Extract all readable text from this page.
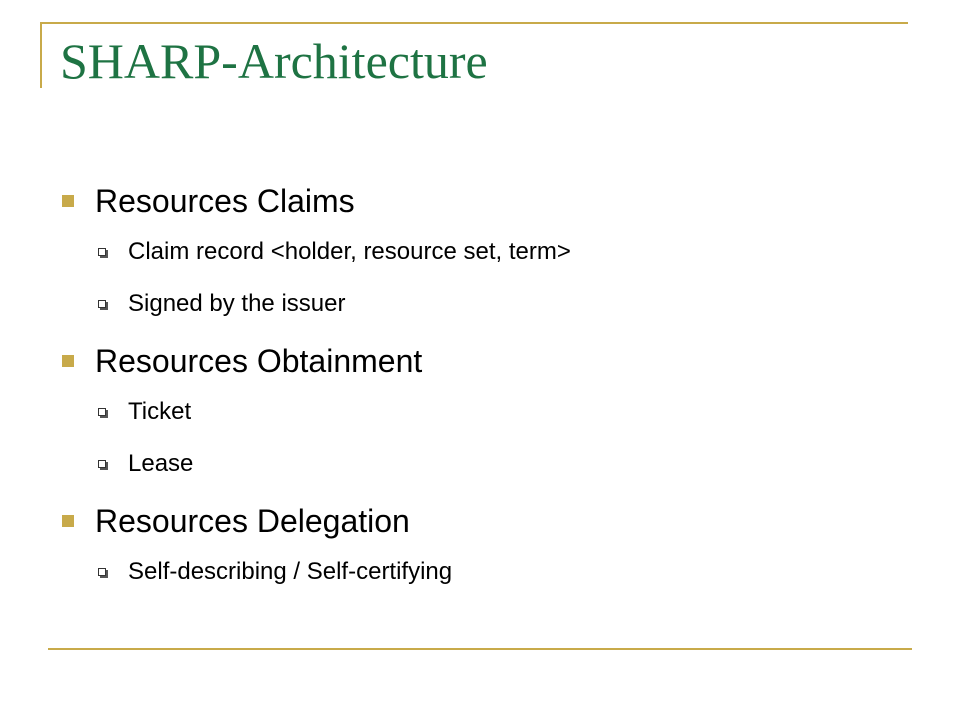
SHARP-Architecture
Resources Claims
Claim record <holder, resource set, term>
Signed by the issuer
Resources Obtainment
Ticket
Lease
Resources Delegation
Self-describing / Self-certifying
